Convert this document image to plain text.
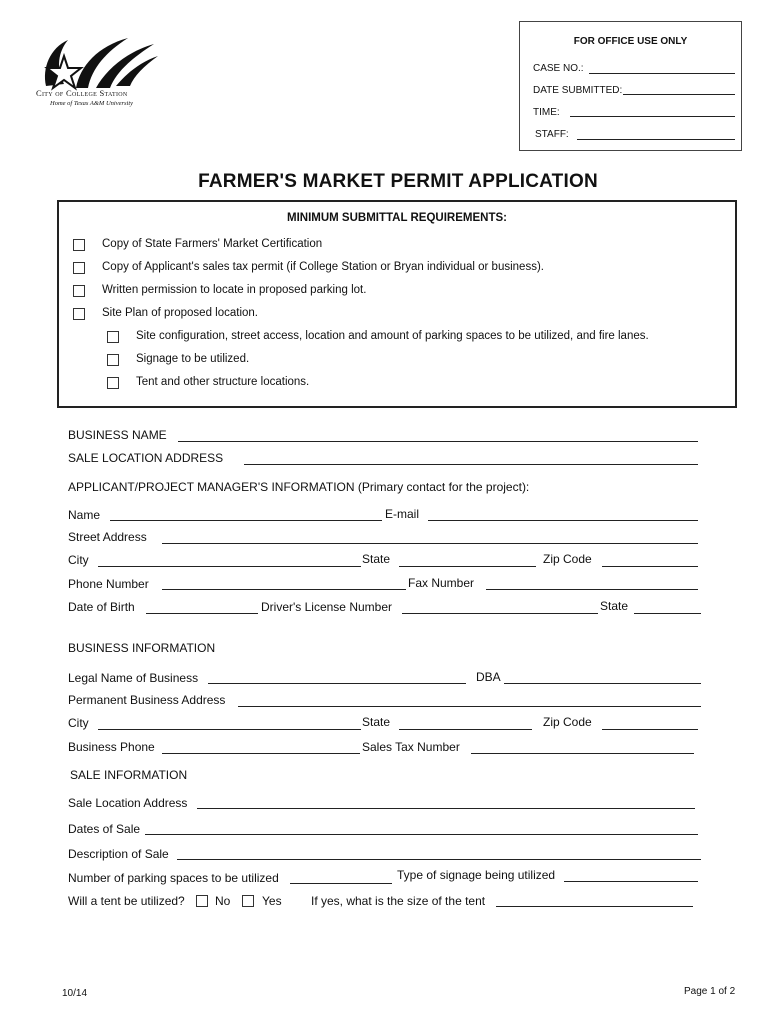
City of College Station
Home of Texas A&M University
FOR OFFICE USE ONLY
CASE NO.:
DATE SUBMITTED:
TIME:
STAFF:
FARMER'S MARKET PERMIT APPLICATION
MINIMUM SUBMITTAL REQUIREMENTS:
Copy of State Farmers' Market Certification
Copy of Applicant's sales tax permit (if College Station or Bryan individual or business).
Written permission to locate in proposed parking lot.
Site Plan of proposed location.
Site configuration, street access, location and amount of parking spaces to be utilized, and fire lanes.
Signage to be utilized.
Tent and other structure locations.
BUSINESS NAME
SALE LOCATION ADDRESS
APPLICANT/PROJECT MANAGER'S INFORMATION (Primary contact for the project):
Name	E-mail
Street Address
City	State	Zip Code
Phone Number	Fax Number
Date of Birth	Driver's License Number	State
BUSINESS INFORMATION
Legal Name of Business	DBA
Permanent Business Address
City	State	Zip Code
Business Phone	Sales Tax Number
SALE INFORMATION
Sale Location Address
Dates of Sale
Description of Sale
Number of parking spaces to be utilized	Type of signage being utilized
Will a tent be utilized?	No	Yes If yes, what is the size of the tent
10/14	Page 1 of 2
